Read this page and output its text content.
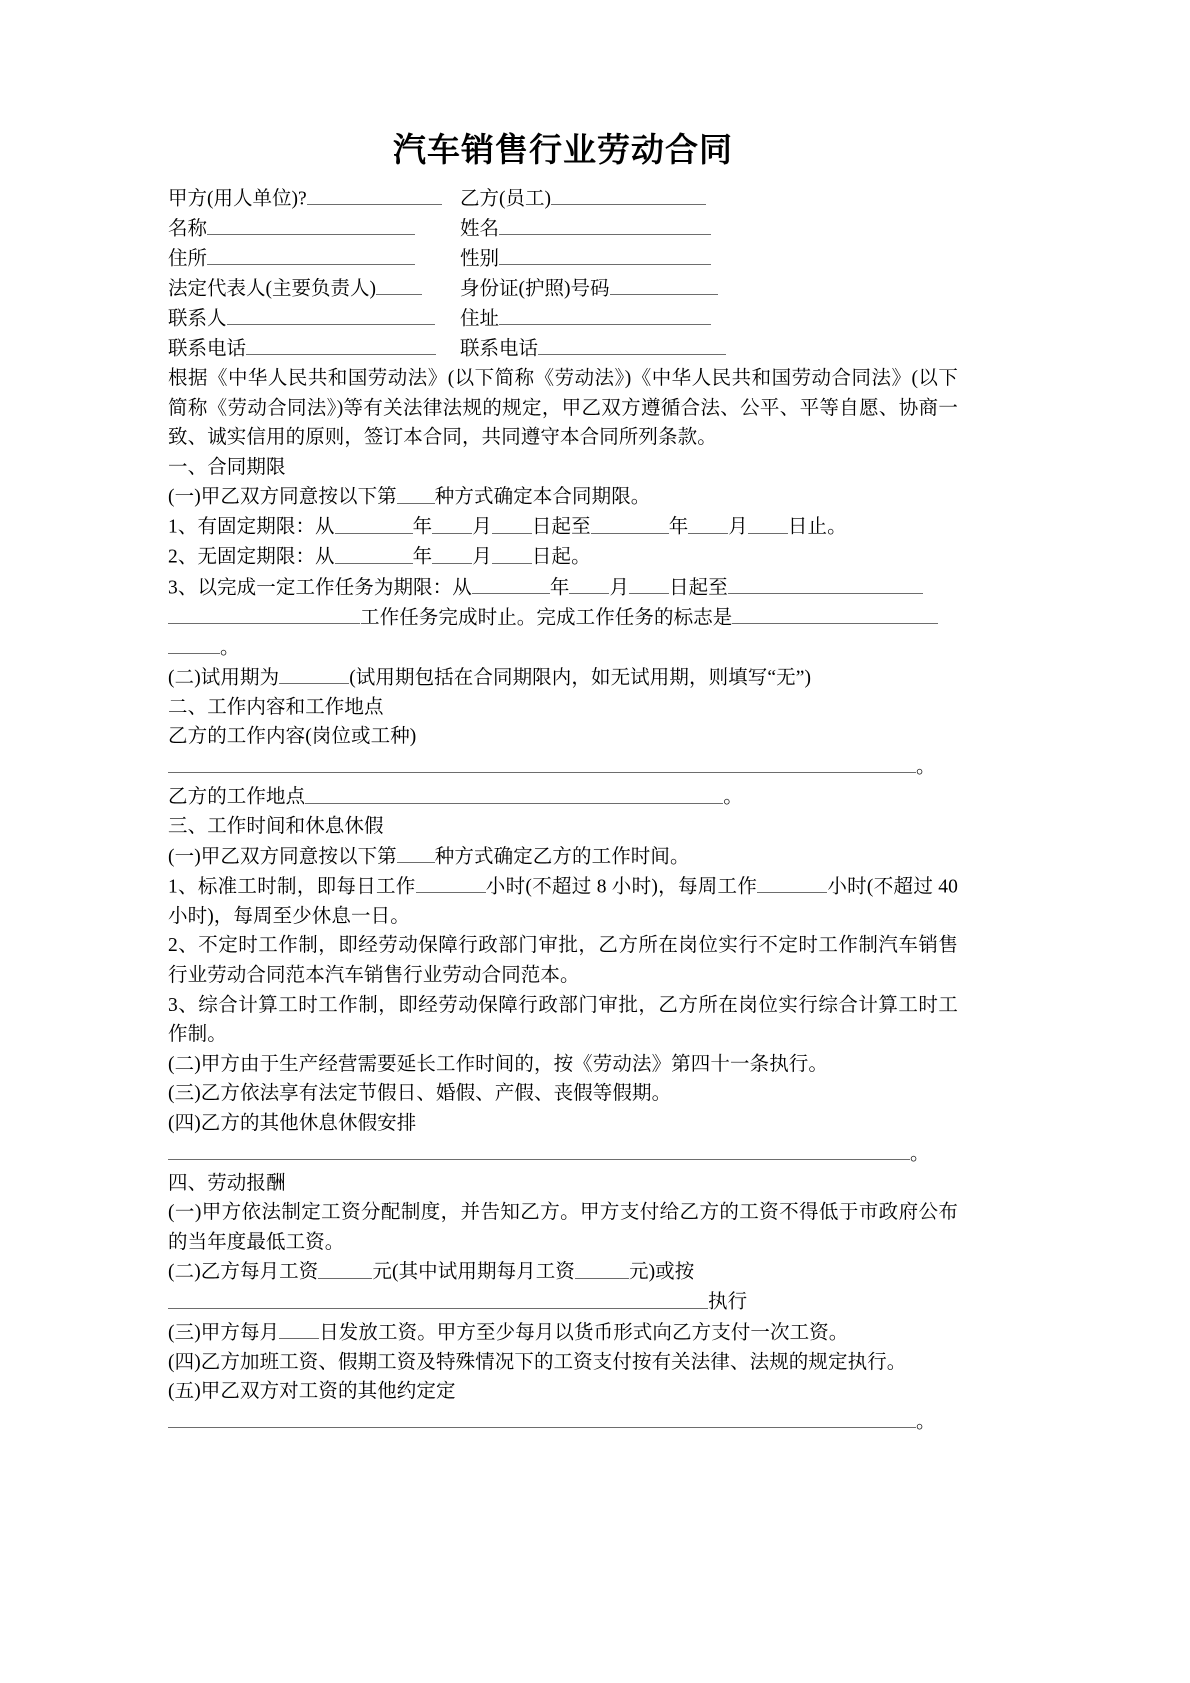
汽车销售行业劳动合同
甲方(用人单位)?	乙方(员工)
名称	姓名
住所	性别
法定代表人(主要负责人)	身份证(护照)号码
联系人	住址
联系电话	联系电话
根据《中华人民共和国劳动法》(以下简称《劳动法》)《中华人民共和国劳动合同法》(以下简称《劳动合同法》)等有关法律法规的规定，甲乙双方遵循合法、公平、平等自愿、协商一致、诚实信用的原则，签订本合同，共同遵守本合同所列条款。
一、合同期限
(一)甲乙双方同意按以下第 种方式确定本合同期限。
1、有固定期限：从	年 月 日起至	年 月 日止。
2、无固定期限：从	年 月 日起。
3、以完成一定工作任务为期限：从	年 月 日起至工作任务完成时止。完成工作任务的标志是。
(二)试用期为	(试用期包括在合同期限内，如无试用期，则填写“无”)
二、工作内容和工作地点
乙方的工作内容(岗位或工种)
。
乙方的工作地点	。
三、工作时间和休息休假
(一)甲乙双方同意按以下第 种方式确定乙方的工作时间。
1、标准工时制，即每日工作	小时(不超过 8 小时)，每周工作	小时(不超过 40 小时)，每周至少休息一日。
2、不定时工作制，即经劳动保障行政部门审批，乙方所在岗位实行不定时工作制汽车销售行业劳动合同范本汽车销售行业劳动合同范本。
3、综合计算工时工作制，即经劳动保障行政部门审批，乙方所在岗位实行综合计算工时工作制。
(二)甲方由于生产经营需要延长工作时间的，按《劳动法》第四十一条执行。
(三)乙方依法享有法定节假日、婚假、产假、丧假等假期。
(四)乙方的其他休息休假安排
。
四、劳动报酬
(一)甲方依法制定工资分配制度，并告知乙方。甲方支付给乙方的工资不得低于市政府公布的当年度最低工资。
(二)乙方每月工资	元(其中试用期每月工资	元)或按
执行
(三)甲方每月 日发放工资。甲方至少每月以货币形式向乙方支付一次工资。
(四)乙方加班工资、假期工资及特殊情况下的工资支付按有关法律、法规的规定执行。
(五)甲乙双方对工资的其他约定定
。
